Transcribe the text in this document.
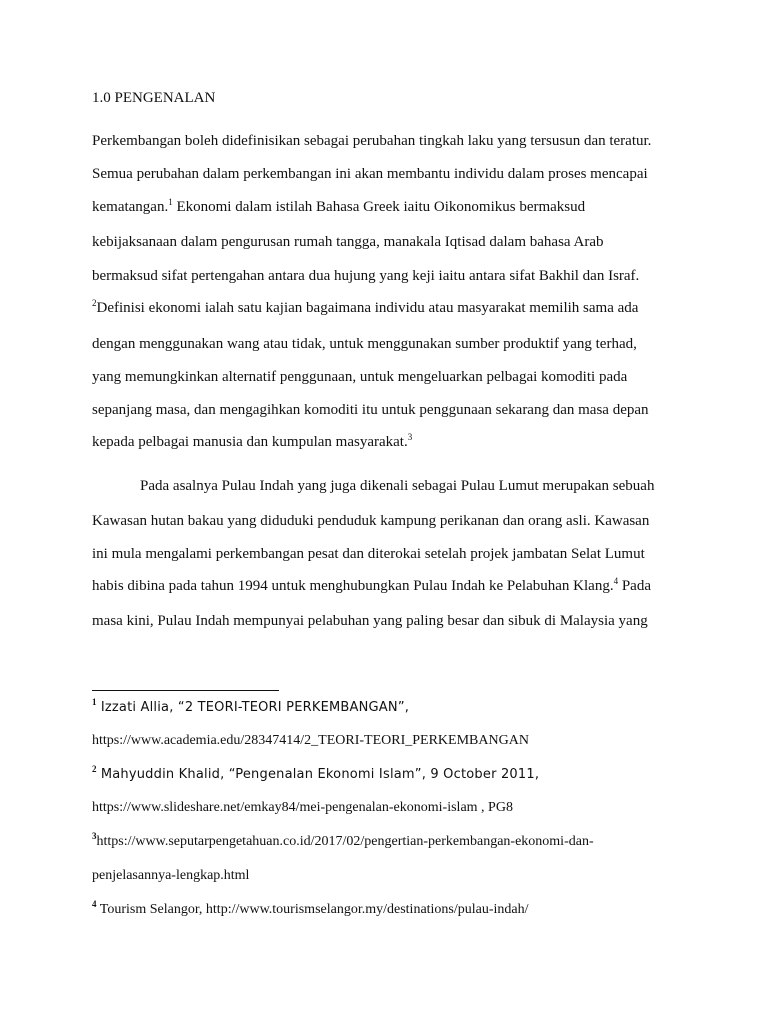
1.0 PENGENALAN
Perkembangan boleh didefinisikan sebagai perubahan tingkah laku yang tersusun dan teratur.
Semua perubahan dalam perkembangan ini akan membantu individu dalam proses mencapai
kematangan.$^1$ Ekonomi dalam istilah Bahasa Greek iaitu Oikonomikus bermaksud
kebijaksanaan dalam pengurusan rumah tangga, manakala Iqtisad dalam bahasa Arab
bermaksud sifat pertengahan antara dua hujung yang keji iaitu antara sifat Bakhil dan Israf.
$^2$Definisi ekonomi ialah satu kajian bagaimana individu atau masyarakat memilih sama ada
dengan menggunakan wang atau tidak, untuk menggunakan sumber produktif yang terhad,
yang memungkinkan alternatif penggunaan, untuk mengeluarkan pelbagai komoditi pada
sepanjang masa, dan mengagihkan komoditi itu untuk penggunaan sekarang dan masa depan
kepada pelbagai manusia dan kumpulan masyarakat.$^3$
Pada asalnya Pulau Indah yang juga dikenali sebagai Pulau Lumut merupakan sebuah
Kawasan hutan bakau yang diduduki penduduk kampung perikanan dan orang asli. Kawasan
ini mula mengalami perkembangan pesat dan diterokai setelah projek jambatan Selat Lumut
habis dibina pada tahun 1994 untuk menghubungkan Pulau Indah ke Pelabuhan Klang.$^4$ Pada
masa kini, Pulau Indah mempunyai pelabuhan yang paling besar dan sibuk di Malaysia yang
$^1$ Izzati Allia, “2 TEORI-TEORI PERKEMBANGAN”,
https://www.academia.edu/28347414/2_TEORI-TEORI_PERKEMBANGAN
$^2$ Mahyuddin Khalid, “Pengenalan Ekonomi Islam”, 9 October 2011,
https://www.slideshare.net/emkay84/mei-pengenalan-ekonomi-islam , PG8
$^3$https://www.seputarpengetahuan.co.id/2017/02/pengertian-perkembangan-ekonomi-dan-
penjelasannya-lengkap.html
$^4$ Tourism Selangor, http://www.tourismselangor.my/destinations/pulau-indah/
